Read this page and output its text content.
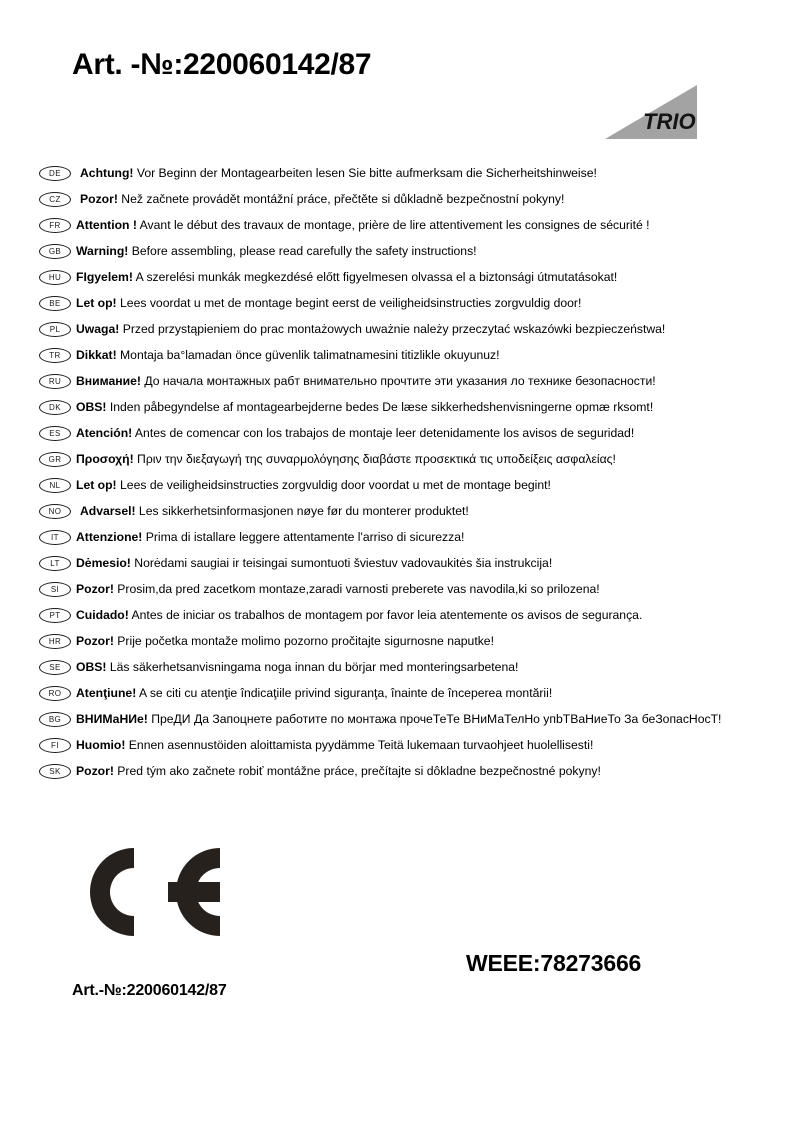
Art. -№:220060142/87
TRIO
DE Achtung! Vor Beginn der Montagearbeiten lesen Sie bitte aufmerksam die Sicherheitshinweise!
CZ Pozor! Než začnete provádět montážní práce, přečtěte si důkladně bezpečnostní pokyny!
FR Attention ! Avant le début des travaux de montage, prière de lire attentivement les consignes de sécurité !
GB Warning! Before assembling, please read carefully the safety instructions!
HU FIgyelem! A szerelési munkák megkezdésé előtt figyelmesen olvassa el a biztonsági útmutatásokat!
BE Let op! Lees voordat u met de montage begint eerst de veiligheidsinstructies zorgvuldig door!
PL Uwaga! Przed przystąpieniem do prac montażowych uważnie należy przeczytać wskazówki bezpieczeństwa!
TR Dikkat! Montaja ba°lamadan önce güvenlik talimatnamesini titizlikle okuyunuz!
RU Внимание! До начала монтажных рабт внимательно прочтите эти указания ло технике безопасности!
DK OBS! Inden påbegyndelse af montagearbejderne bedes De læse sikkerhedshenvisningerne opmæ rksomt!
ES Atención! Antes de comencar con los trabajos de montaje leer detenidamente los avisos de seguridad!
GR Προσοχή! Πριν την διεξαγωγή της συναρμολόγησης διαβάστε προσεκτικά τις υποδείξεις ασφαλείας!
NL Let op! Lees de veiligheidsinstructies zorgvuldig door voordat u met de montage begint!
NO Advarsel! Les sikkerhetsinformasjonen nøye før du monterer produktet!
IT Attenzione! Prima di istallare leggere attentamente l'arriso di sicurezza!
LT Dėmesio! Norėdami saugiai ir teisingai sumontuoti šviestuv vadovaukitės šia instrukcija!
SI Pozor! Prosim,da pred zacetkom montaze,zaradi varnosti preberete vas navodila,ki so prilozena!
PT Cuidado! Antes de iniciar os trabalhos de montagem por favor leia atentemente os avisos de segurança.
HR Pozor! Prije početka montaže molimo pozorno pročitajte sigurnosne naputke!
SE OBS! Läs säkerhetsanvisningama noga innan du börjar med monteringsarbetena!
RO Atenţiune! A se citi cu atenţie îndicaţiile privind siguranţa, înainte de începerea montării!
BG ВНИМаНИе! ПреДИ Да Запоцнете работите по монтажа прочеТеТе ВНиМаТелНо упbТВаНиеТо За беЗопасНосТ!
FI Huomio! Ennen asennustöiden aloittamista pyydämme Teitä lukemaan turvaohjeet huolellisesti!
SK Pozor! Pred tým ako začnete robiť montážne práce, prečítajte si dôkladne bezpečnostné pokyny!
WEEE:78273666
Art.-№:220060142/87
